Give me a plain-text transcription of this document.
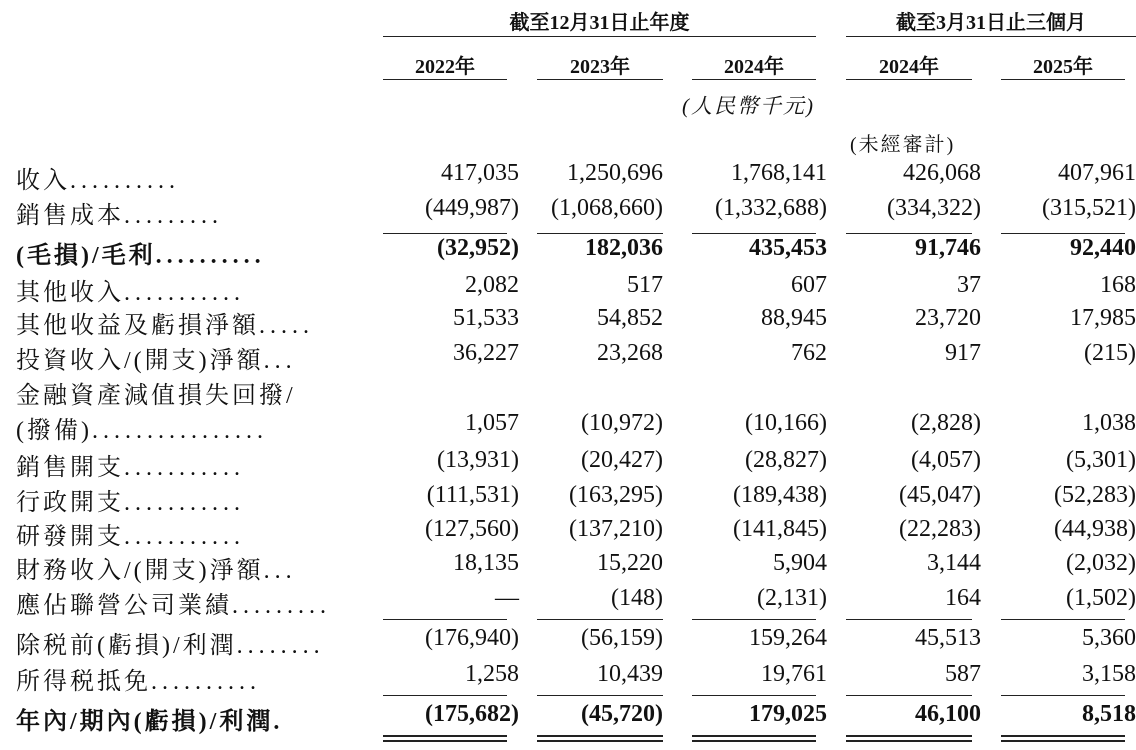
截至12月31日止年度	截至3月31日止三個月
2022年	2023年	2024年	2024年	2025年
(人民幣千元)
(未經審計)
收入..........	417,035	1,250,696	1,768,141	426,068	407,961
銷售成本.........	(449,987)	(1,068,660)	(1,332,688)	(334,322)	(315,521)
(毛損)/毛利..........	(32,952)	182,036	435,453	91,746	92,440
其他收入...........	2,082	517	607	37	168
其他收益及虧損淨額.....	51,533	54,852	88,945	23,720	17,985
投資收入/(開支)淨額...	36,227	23,268	762	917	(215)
金融資產減值損失回撥/
(撥備)................	1,057	(10,972)	(10,166)	(2,828)	1,038
銷售開支...........	(13,931)	(20,427)	(28,827)	(4,057)	(5,301)
行政開支...........	(111,531)	(163,295)	(189,438)	(45,047)	(52,283)
研發開支...........	(127,560)	(137,210)	(141,845)	(22,283)	(44,938)
財務收入/(開支)淨額...	18,135	15,220	5,904	3,144	(2,032)
應佔聯營公司業績.........	—	(148)	(2,131)	164	(1,502)
除税前(虧損)/利潤........	(176,940)	(56,159)	159,264	45,513	5,360
所得税抵免..........	1,258	10,439	19,761	587	3,158
年內/期內(虧損)/利潤.	(175,682)	(45,720)	179,025	46,100	8,518
